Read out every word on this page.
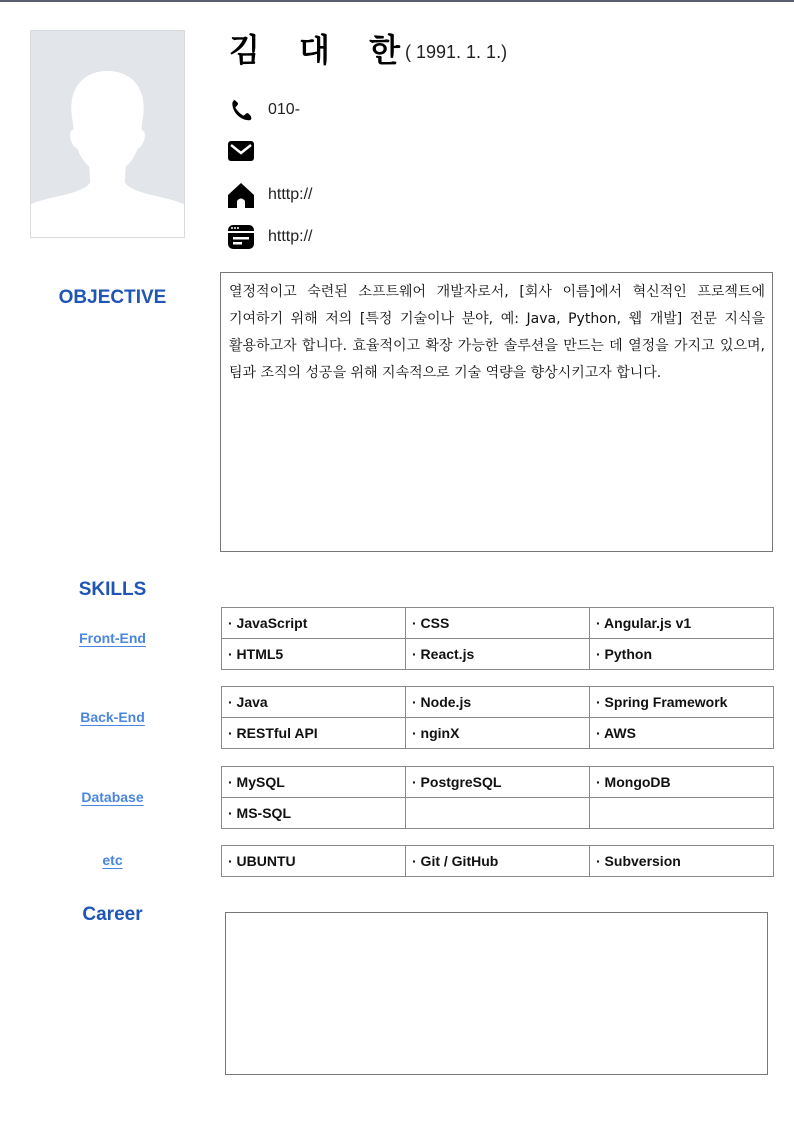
김 대 한
( 1991. 1. 1.)
010-
htttp://
htttp://
OBJECTIVE	열정적이고 숙련된 소프트웨어 개발자로서, [회사 이름]에서 혁신적인 프로젝트에 기여하기 위해 저의 [특정 기술이나 분야, 예: Java, Python, 웹 개발] 전문 지식을 활용하고자 합니다. 효율적이고 확장 가능한 솔루션을 만드는 데 열정을 가지고 있으며, 팀과 조직의 성공을 위해 지속적으로 기술 역량을 향상시키고자 합니다.
SKILLS
Front-End
· JavaScript	· CSS	· Angular.js v1
· HTML5	· React.js	· Python
Back-End
· Java	· Node.js	· Spring Framework
· RESTful API	· nginX	· AWS
Database
· MySQL	· PostgreSQL	· MongoDB
· MS-SQL		
etc	· UBUNTU	· Git / GitHub	· Subversion
Career
